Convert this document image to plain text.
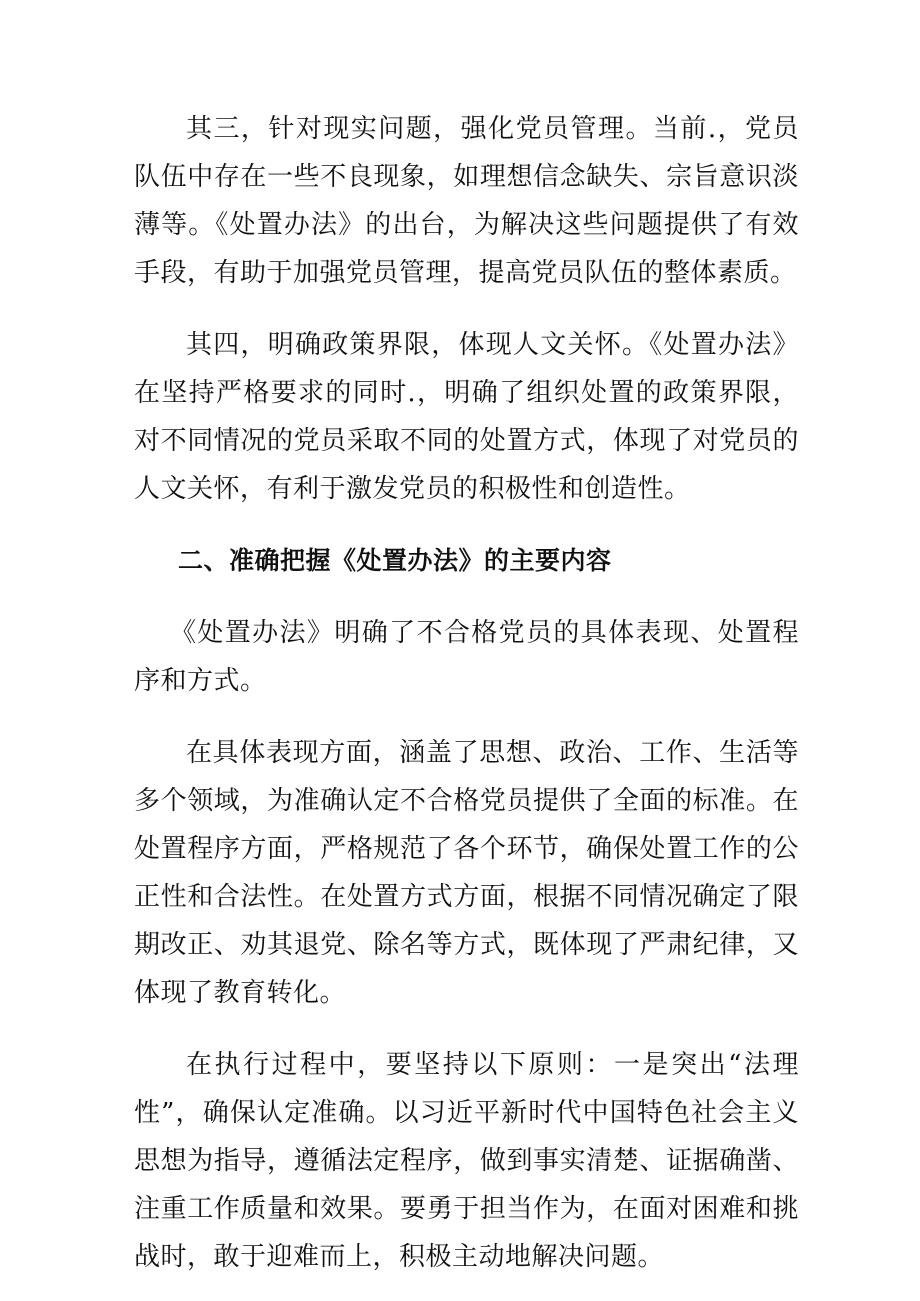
其三，针对现实问题，强化党员管理。当前.，党员队伍中存在一些不良现象，如理想信念缺失、宗旨意识淡薄等。《处置办法》的出台，为解决这些问题提供了有效手段，有助于加强党员管理，提高党员队伍的整体素质。

其四，明确政策界限，体现人文关怀。《处置办法》在坚持严格要求的同时.，明确了组织处置的政策界限，对不同情况的党员采取不同的处置方式，体现了对党员的人文关怀，有利于激发党员的积极性和创造性。

二、准确把握《处置办法》的主要内容

《处置办法》明确了不合格党员的具体表现、处置程序和方式。

在具体表现方面，涵盖了思想、政治、工作、生活等多个领域，为准确认定不合格党员提供了全面的标准。在处置程序方面，严格规范了各个环节，确保处置工作的公正性和合法性。在处置方式方面，根据不同情况确定了限期改正、劝其退党、除名等方式，既体现了严肃纪律，又体现了教育转化。

在执行过程中，要坚持以下原则：一是突出“法理性”，确保认定准确。以习近平新时代中国特色社会主义思想为指导，遵循法定程序，做到事实清楚、证据确凿、注重工作质量和效果。要勇于担当作为，在面对困难和挑战时，敢于迎难而上，积极主动地解决问题。
